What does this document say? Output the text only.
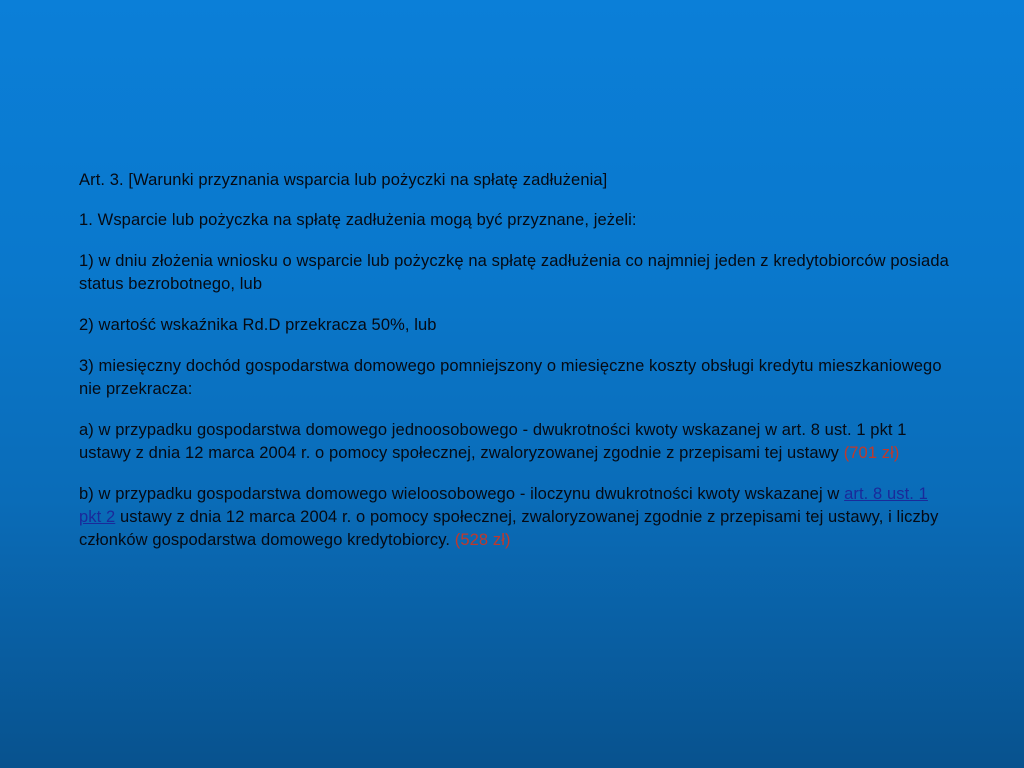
Art. 3. [Warunki przyznania wsparcia lub pożyczki na spłatę zadłużenia]

1. Wsparcie lub pożyczka na spłatę zadłużenia mogą być przyznane, jeżeli:

1) w dniu złożenia wniosku o wsparcie lub pożyczkę na spłatę zadłużenia co najmniej jeden z kredytobiorców posiada status bezrobotnego, lub

2) wartość wskaźnika Rd.D przekracza 50%, lub

3) miesięczny dochód gospodarstwa domowego pomniejszony o miesięczne koszty obsługi kredytu mieszkaniowego nie przekracza:

a) w przypadku gospodarstwa domowego jednoosobowego - dwukrotności kwoty wskazanej w art. 8 ust. 1 pkt 1 ustawy z dnia 12 marca 2004 r. o pomocy społecznej, zwaloryzowanej zgodnie z przepisami tej ustawy (701 zł)

b) w przypadku gospodarstwa domowego wieloosobowego - iloczynu dwukrotności kwoty wskazanej w art. 8 ust. 1 pkt 2 ustawy z dnia 12 marca 2004 r. o pomocy społecznej, zwaloryzowanej zgodnie z przepisami tej ustawy, i liczby członków gospodarstwa domowego kredytobiorcy. (528 zł)
